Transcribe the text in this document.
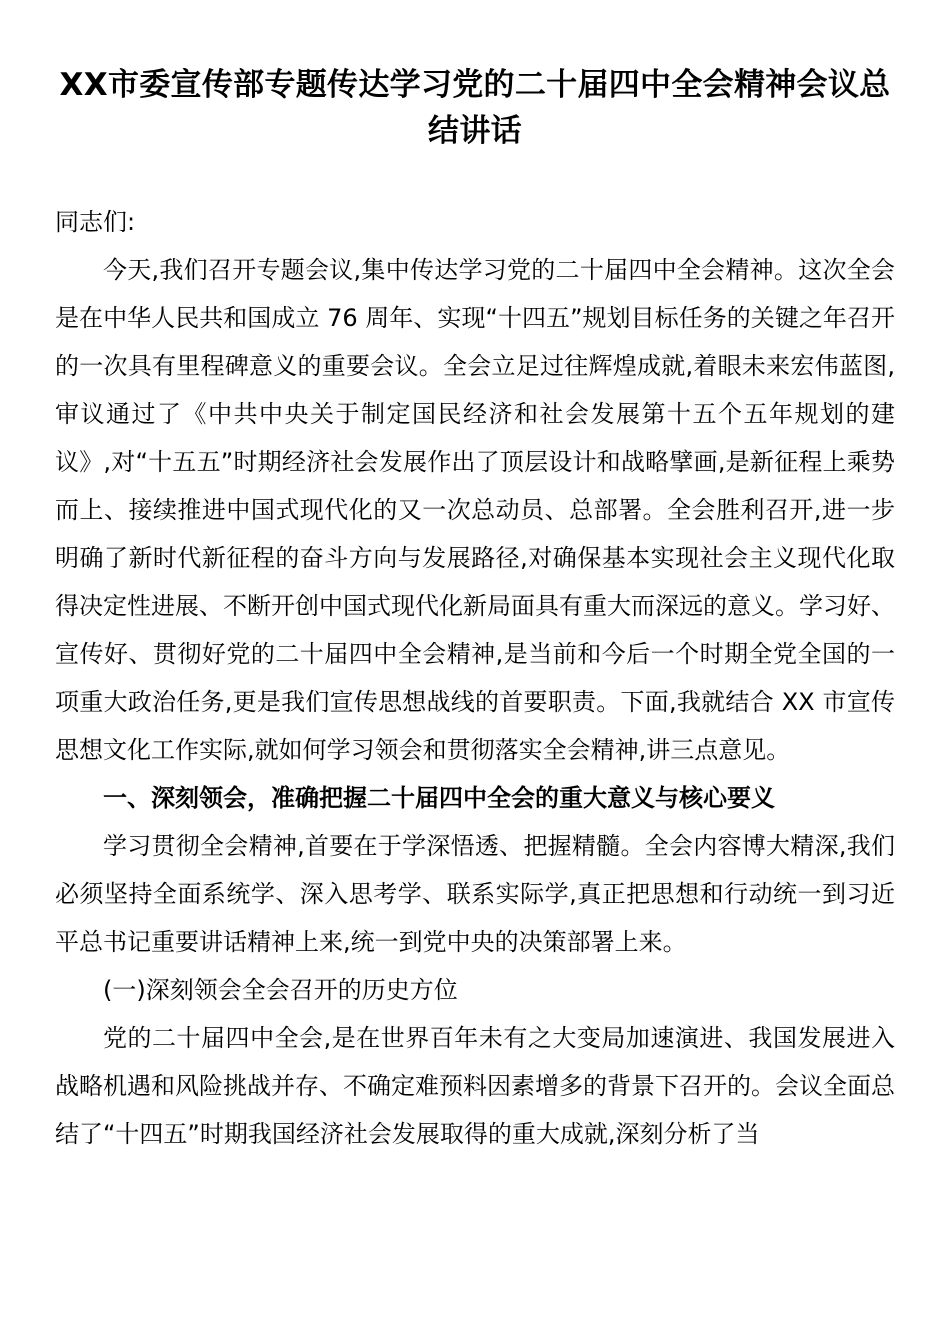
XX市委宣传部专题传达学习党的二十届四中全会精神会议总结讲话

同志们:

今天,我们召开专题会议,集中传达学习党的二十届四中全会精神。这次全会是在中华人民共和国成立 76 周年、实现“十四五”规划目标任务的关键之年召开的一次具有里程碑意义的重要会议。全会立足过往辉煌成就,着眼未来宏伟蓝图,审议通过了《中共中央关于制定国民经济和社会发展第十五个五年规划的建议》,对“十五五”时期经济社会发展作出了顶层设计和战略擘画,是新征程上乘势而上、接续推进中国式现代化的又一次总动员、总部署。全会胜利召开,进一步明确了新时代新征程的奋斗方向与发展路径,对确保基本实现社会主义现代化取得决定性进展、不断开创中国式现代化新局面具有重大而深远的意义。学习好、宣传好、贯彻好党的二十届四中全会精神,是当前和今后一个时期全党全国的一项重大政治任务,更是我们宣传思想战线的首要职责。下面,我就结合 XX 市宣传思想文化工作实际,就如何学习领会和贯彻落实全会精神,讲三点意见。

一、深刻领会，准确把握二十届四中全会的重大意义与核心要义

学习贯彻全会精神,首要在于学深悟透、把握精髓。全会内容博大精深,我们必须坚持全面系统学、深入思考学、联系实际学,真正把思想和行动统一到习近平总书记重要讲话精神上来,统一到党中央的决策部署上来。

(一)深刻领会全会召开的历史方位

党的二十届四中全会,是在世界百年未有之大变局加速演进、我国发展进入战略机遇和风险挑战并存、不确定难预料因素增多的背景下召开的。会议全面总结了“十四五”时期我国经济社会发展取得的重大成就,深刻分析了当
